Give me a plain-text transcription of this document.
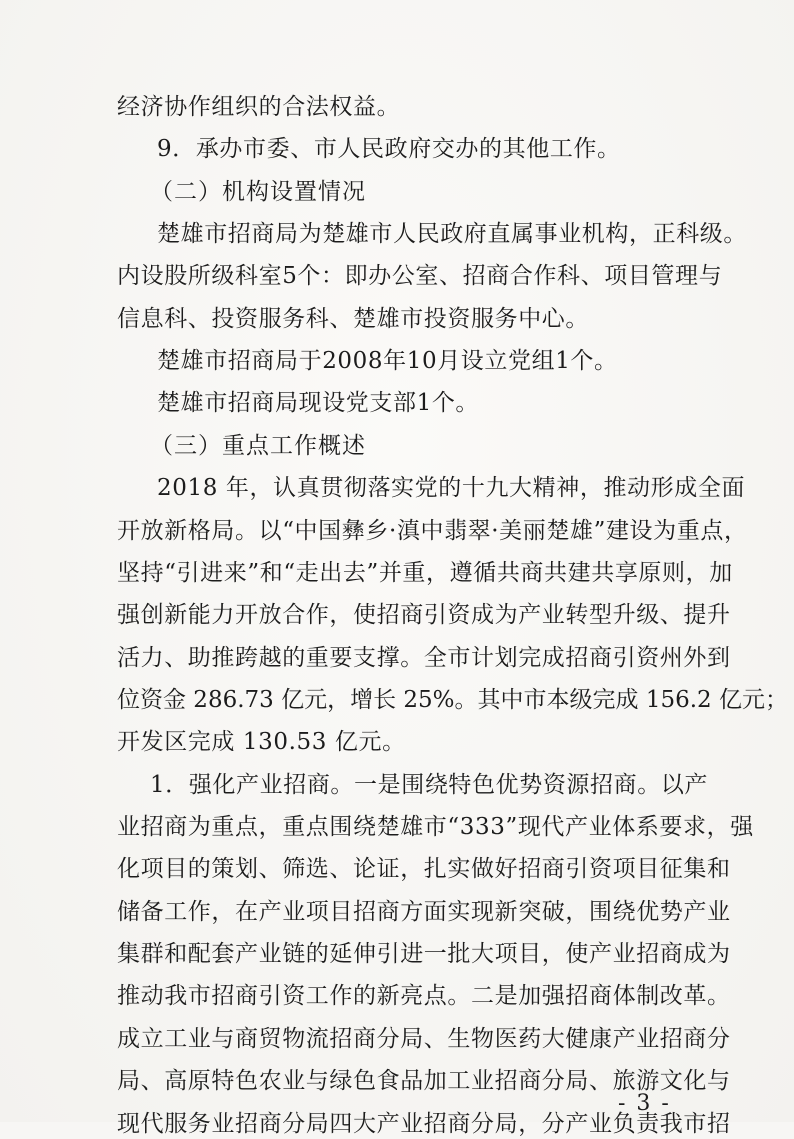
经济协作组织的合法权益。
9．承办市委、市人民政府交办的其他工作。
（二）机构设置情况
楚雄市招商局为楚雄市人民政府直属事业机构，正科级。
内设股所级科室5个：即办公室、招商合作科、项目管理与
信息科、投资服务科、楚雄市投资服务中心。
楚雄市招商局于2008年10月设立党组1个。
楚雄市招商局现设党支部1个。
（三）重点工作概述
2018 年，认真贯彻落实党的十九大精神，推动形成全面
开放新格局。以“中国彝乡·滇中翡翠·美丽楚雄”建设为重点，
坚持“引进来”和“走出去”并重，遵循共商共建共享原则，加
强创新能力开放合作，使招商引资成为产业转型升级、提升
活力、助推跨越的重要支撑。全市计划完成招商引资州外到
位资金 286.73 亿元，增长 25%。其中市本级完成 156.2 亿元；
开发区完成 130.53 亿元。
1．强化产业招商。一是围绕特色优势资源招商。以产
业招商为重点，重点围绕楚雄市“333”现代产业体系要求，强
化项目的策划、筛选、论证，扎实做好招商引资项目征集和
储备工作，在产业项目招商方面实现新突破，围绕优势产业
集群和配套产业链的延伸引进一批大项目，使产业招商成为
推动我市招商引资工作的新亮点。二是加强招商体制改革。
成立工业与商贸物流招商分局、生物医药大健康产业招商分
局、高原特色农业与绿色食品加工业招商分局、旅游文化与
现代服务业招商分局四大产业招商分局，分产业负责我市招
- 3 -
